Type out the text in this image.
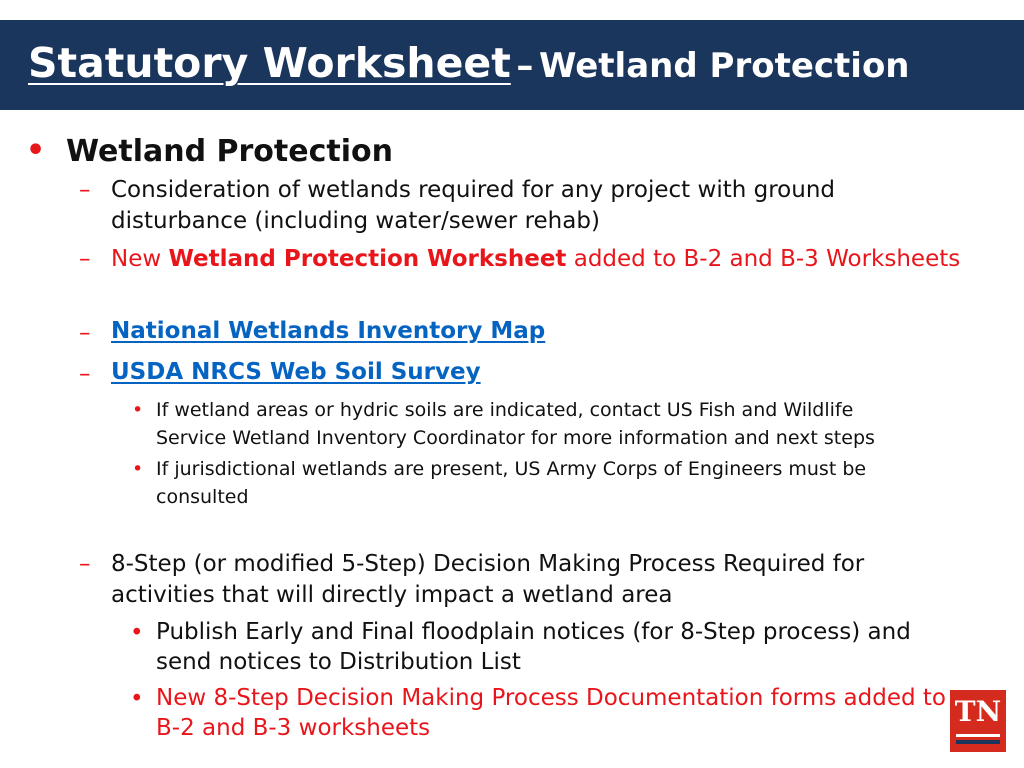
Statutory Worksheet – Wetland Protection
• Wetland Protection
– Consideration of wetlands required for any project with ground
disturbance (including water/sewer rehab)
– New Wetland Protection Worksheet added to B-2 and B-3 Worksheets
– National Wetlands Inventory Map
– USDA NRCS Web Soil Survey
• If wetland areas or hydric soils are indicated, contact US Fish and Wildlife
Service Wetland Inventory Coordinator for more information and next steps
• If jurisdictional wetlands are present, US Army Corps of Engineers must be
consulted
– 8-Step (or modified 5-Step) Decision Making Process Required for
activities that will directly impact a wetland area
• Publish Early and Final floodplain notices (for 8-Step process) and
send notices to Distribution List
• New 8-Step Decision Making Process Documentation forms added to
B-2 and B-3 worksheets	TN
